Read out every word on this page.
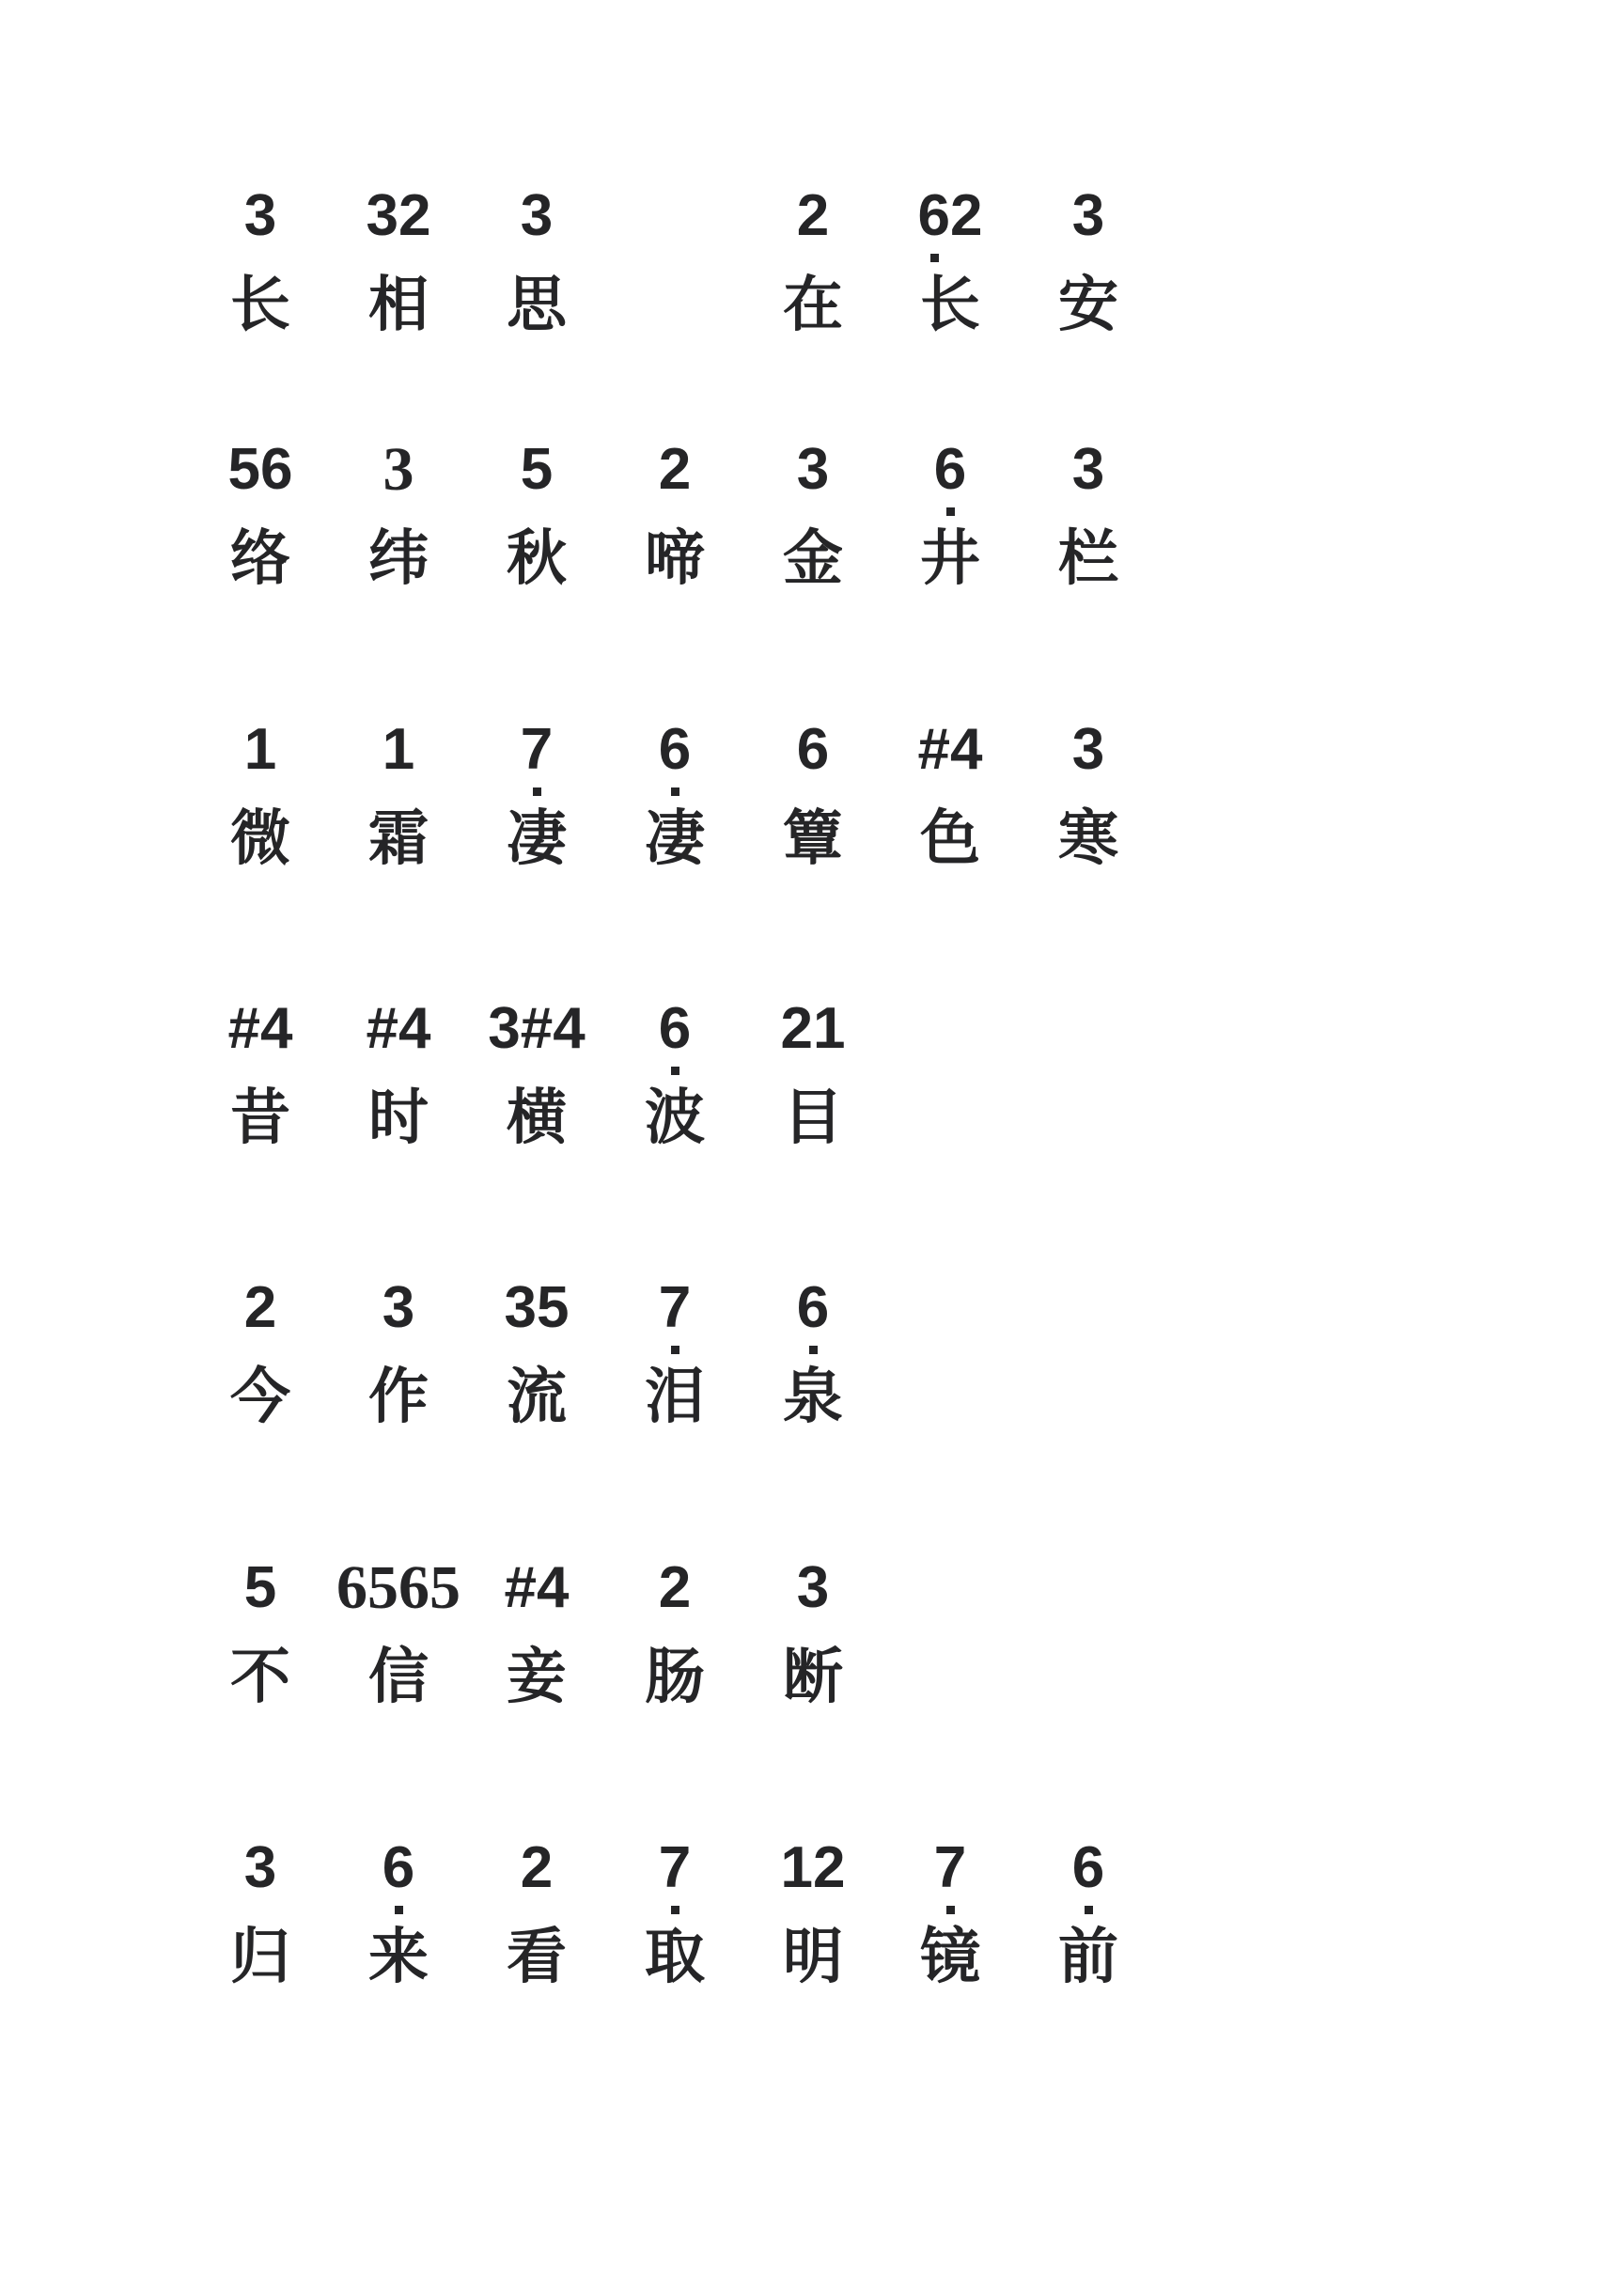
3
长
32
相
3
思
2
在
62
长
3
安
56
络
3
纬
5
秋
2
啼
3
金
6
井
3
栏
1
微
1
霜
7
凄
6
凄
6
簟
#4
色
3
寒
#4
昔
#4
时
3#4
横
6
波
21
目
2
今
3
作
35
流
7
泪
6
泉
5
不
6565
信
#4
妾
2
肠
3
断
3
归
6
来
2
看
7
取
12
明
7
镜
6
前
